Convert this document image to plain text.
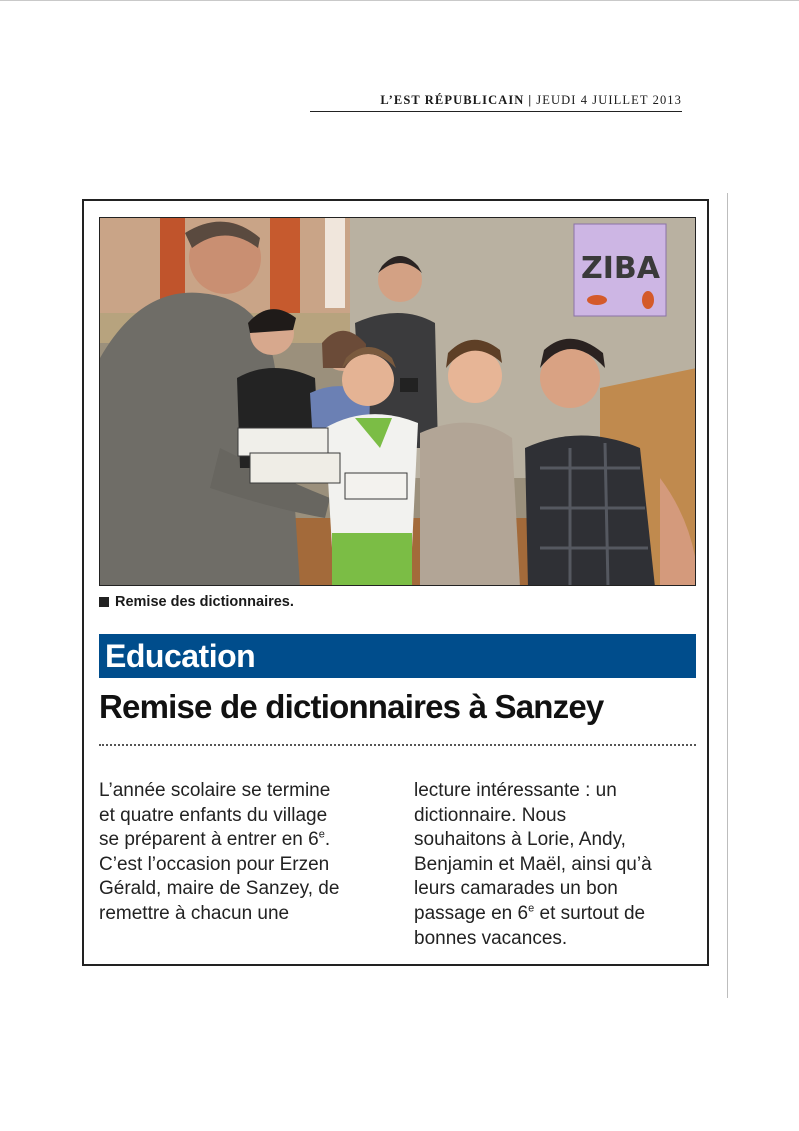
L’EST RÉPUBLICAIN | JEUDI 4 JUILLET 2013
ZIBA
Remise des dictionnaires.
Education
Remise de dictionnaires à Sanzey

L’année scolaire se termine

et quatre enfants du village

se préparent à entrer en 6e.

C’est l’occasion pour Erzen

Gérald, maire de Sanzey, de

remettre à chacun une

lecture intéressante : un

dictionnaire. Nous

souhaitons à Lorie, Andy,

Benjamin et Maël, ainsi qu’à

leurs camarades un bon

passage en 6e et surtout de

bonnes vacances.
